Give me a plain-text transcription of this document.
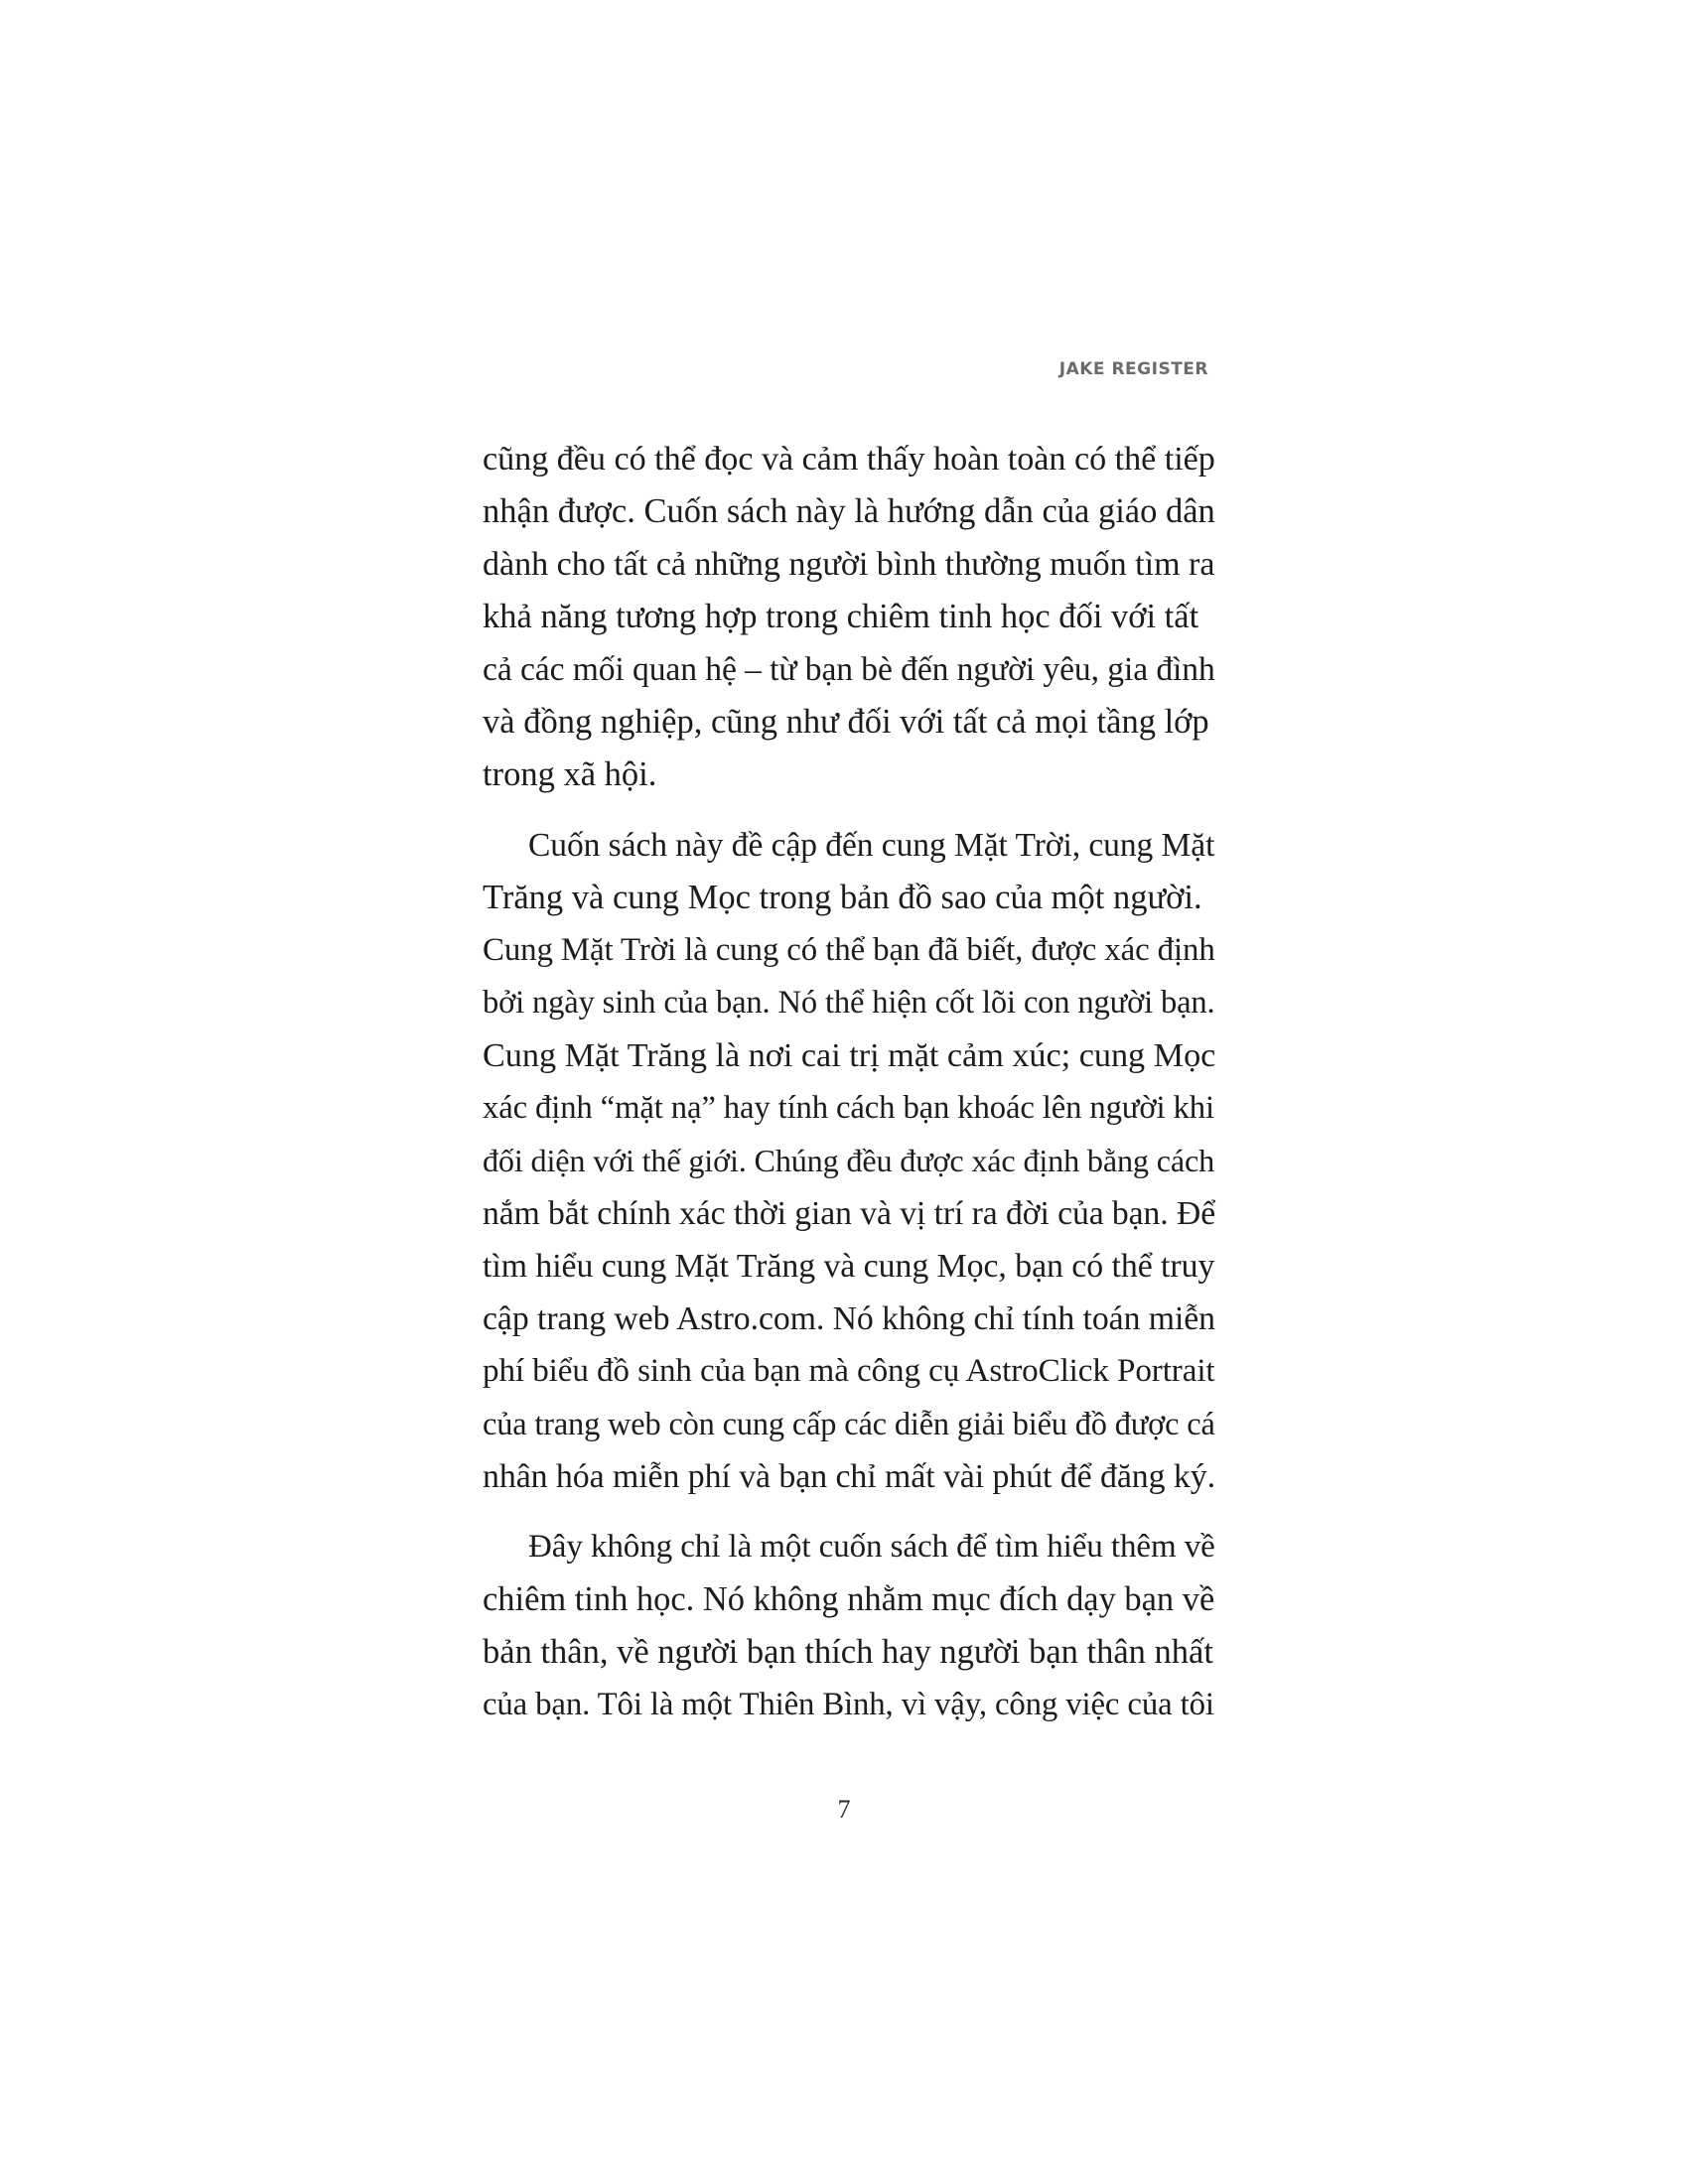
JAKE REGISTER

cũng đều có thể đọc và cảm thấy hoàn toàn có thể tiếp
nhận được. Cuốn sách này là hướng dẫn của giáo dân
dành cho tất cả những người bình thường muốn tìm ra
khả năng tương hợp trong chiêm tinh học đối với tất
cả các mối quan hệ – từ bạn bè đến người yêu, gia đình
và đồng nghiệp, cũng như đối với tất cả mọi tầng lớp
trong xã hội.

Cuốn sách này đề cập đến cung Mặt Trời, cung Mặt
Trăng và cung Mọc trong bản đồ sao của một người.
Cung Mặt Trời là cung có thể bạn đã biết, được xác định
bởi ngày sinh của bạn. Nó thể hiện cốt lõi con người bạn.
Cung Mặt Trăng là nơi cai trị mặt cảm xúc; cung Mọc
xác định “mặt nạ” hay tính cách bạn khoác lên người khi
đối diện với thế giới. Chúng đều được xác định bằng cách
nắm bắt chính xác thời gian và vị trí ra đời của bạn. Để
tìm hiểu cung Mặt Trăng và cung Mọc, bạn có thể truy
cập trang web Astro.com. Nó không chỉ tính toán miễn
phí biểu đồ sinh của bạn mà công cụ AstroClick Portrait
của trang web còn cung cấp các diễn giải biểu đồ được cá
nhân hóa miễn phí và bạn chỉ mất vài phút để đăng ký.

Đây không chỉ là một cuốn sách để tìm hiểu thêm về
chiêm tinh học. Nó không nhằm mục đích dạy bạn về
bản thân, về người bạn thích hay người bạn thân nhất
của bạn. Tôi là một Thiên Bình, vì vậy, công việc của tôi

7
